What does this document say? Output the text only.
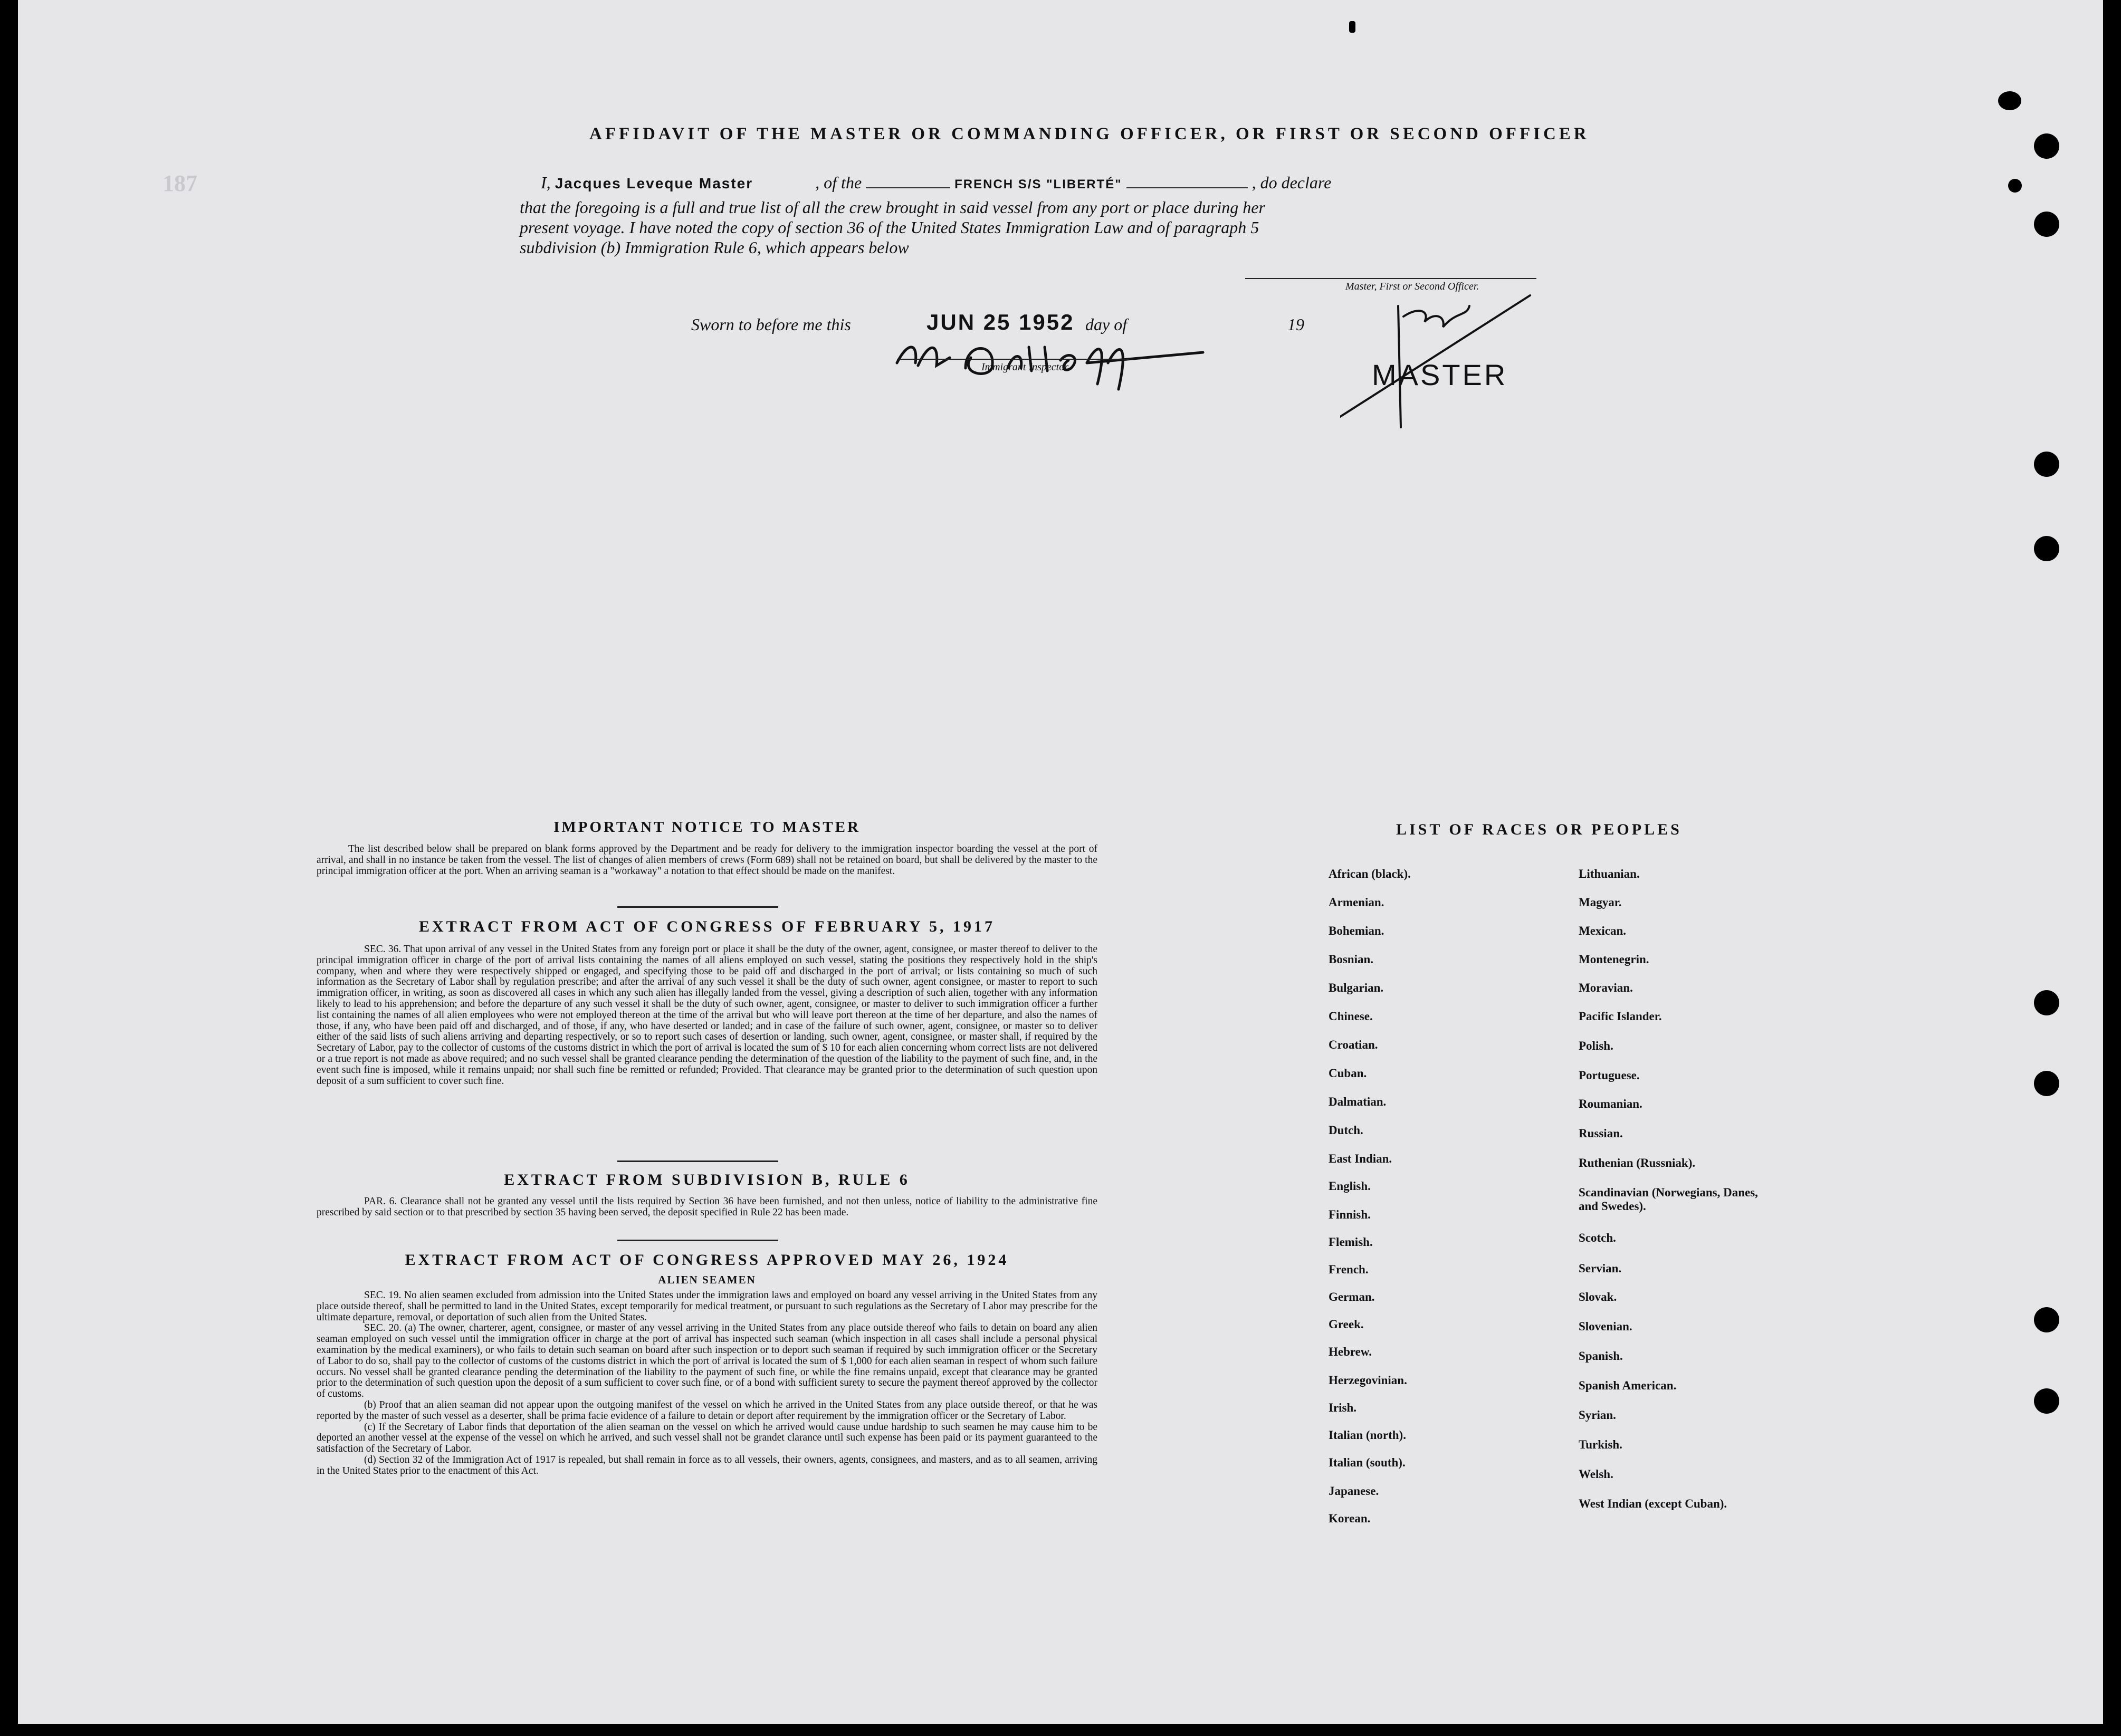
187
AFFIDAVIT OF THE MASTER OR COMMANDING OFFICER, OR FIRST OR SECOND OFFICER
I, Jacques Leveque Master	, of the	FRENCH S/S "LIBERTÉ"	, do declare
that the foregoing is a full and true list of all the crew brought in said vessel from any port or place during her
present voyage. I have noted the copy of section 36 of the United States Immigration Law and of paragraph 5
subdivision (b) Immigration Rule 6, which appears below
Master, First or Second Officer.
Sworn to before me this	JUN 25 1952 day of	19
Immigrant Inspector.	MASTER
IMPORTANT NOTICE TO MASTER
The list described below shall be prepared on blank forms approved by the Department and be ready for delivery to the immigration inspector boarding the vessel at the port of arrival, and shall in no instance be taken from the vessel. The list of changes of alien members of crews (Form 689) shall not be retained on board, but shall be delivered by the master to the principal immigration officer at the port. When an arriving seaman is a "workaway" a notation to that effect should be made on the manifest.
EXTRACT FROM ACT OF CONGRESS OF FEBRUARY 5, 1917
SEC. 36. That upon arrival of any vessel in the United States from any foreign port or place it shall be the duty of the owner, agent, consignee, or master thereof to deliver to the principal immigration officer in charge of the port of arrival lists containing the names of all aliens employed on such vessel, stating the positions they respectively hold in the ship's company, when and where they were respectively shipped or engaged, and specifying those to be paid off and discharged in the port of arrival; or lists containing so much of such information as the Secretary of Labor shall by regulation prescribe; and after the arrival of any such vessel it shall be the duty of such owner, agent consignee, or master to report to such immigration officer, in writing, as soon as discovered all cases in which any such alien has illegally landed from the vessel, giving a description of such alien, together with any information likely to lead to his apprehension; and before the departure of any such vessel it shall be the duty of such owner, agent, consignee, or master to deliver to such immigration officer a further list containing the names of all alien employees who were not employed thereon at the time of the arrival but who will leave port thereon at the time of her departure, and also the names of those, if any, who have been paid off and discharged, and of those, if any, who have deserted or landed; and in case of the failure of such owner, agent, consignee, or master so to deliver either of the said lists of such aliens arriving and departing respectively, or so to report such cases of desertion or landing, such owner, agent, consignee, or master shall, if required by the Secretary of Labor, pay to the collector of customs of the customs district in which the port of arrival is located the sum of $ 10 for each alien concerning whom correct lists are not delivered or a true report is not made as above required; and no such vessel shall be granted clearance pending the determination of the question of the liability to the payment of such fine, and, in the event such fine is imposed, while it remains unpaid; nor shall such fine be remitted or refunded; Provided. That clearance may be granted prior to the determination of such question upon deposit of a sum sufficient to cover such fine.
EXTRACT FROM SUBDIVISION B, RULE 6
PAR. 6. Clearance shall not be granted any vessel until the lists required by Section 36 have been furnished, and not then unless, notice of liability to the administrative fine prescribed by said section or to that prescribed by section 35 having been served, the deposit specified in Rule 22 has been made.
EXTRACT FROM ACT OF CONGRESS APPROVED MAY 26, 1924
ALIEN SEAMEN
SEC. 19. No alien seamen excluded from admission into the United States under the immigration laws and employed on board any vessel arriving in the United States from any place outside thereof, shall be permitted to land in the United States, except temporarily for medical treatment, or pursuant to such regulations as the Secretary of Labor may prescribe for the ultimate departure, removal, or deportation of such alien from the United States.
SEC. 20. (a) The owner, charterer, agent, consignee, or master of any vessel arriving in the United States from any place outside thereof who fails to detain on board any alien seaman employed on such vessel until the immigration officer in charge at the port of arrival has inspected such seaman (which inspection in all cases shall include a personal physical examination by the medical examiners), or who fails to detain such seaman on board after such inspection or to deport such seaman if required by such immigration officer or the Secretary of Labor to do so, shall pay to the collector of customs of the customs district in which the port of arrival is located the sum of $ 1,000 for each alien seaman in respect of whom such failure occurs. No vessel shall be granted clearance pending the determination of the liability to the payment of such fine, or while the fine remains unpaid, except that clearance may be granted prior to the determination of such question upon the deposit of a sum sufficient to cover such fine, or of a bond with sufficient surety to secure the payment thereof approved by the collector of customs.
(b) Proof that an alien seaman did not appear upon the outgoing manifest of the vessel on which he arrived in the United States from any place outside thereof, or that he was reported by the master of such vessel as a deserter, shall be prima facie evidence of a failure to detain or deport after requirement by the immigration officer or the Secretary of Labor.
(c) If the Secretary of Labor finds that deportation of the alien seaman on the vessel on which he arrived would cause undue hardship to such seamen he may cause him to be deported an another vessel at the expense of the vessel on which he arrived, and such vessel shall not be grandet clarance until such expense has been paid or its payment guaranteed to the satisfaction of the Secretary of Labor.
(d) Section 32 of the Immigration Act of 1917 is repealed, but shall remain in force as to all vessels, their owners, agents, consignees, and masters, and as to all seamen, arriving in the United States prior to the enactment of this Act.
LIST OF RACES OR PEOPLES
African (black).
Armenian.
Bohemian.
Bosnian.
Bulgarian.
Chinese.
Croatian.
Cuban.
Dalmatian.
Dutch.
East Indian.
English.
Finnish.
Flemish.
French.
German.
Greek.
Hebrew.
Herzegovinian.
Irish.
Italian (north).
Italian (south).
Japanese.
Korean.
Lithuanian.
Magyar.
Mexican.
Montenegrin.
Moravian.
Pacific Islander.
Polish.
Portuguese.
Roumanian.
Russian.
Ruthenian (Russniak).
Scandinavian (Norwegians, Danes, and Swedes).
Scotch.
Servian.
Slovak.
Slovenian.
Spanish.
Spanish American.
Syrian.
Turkish.
Welsh.
West Indian (except Cuban).
